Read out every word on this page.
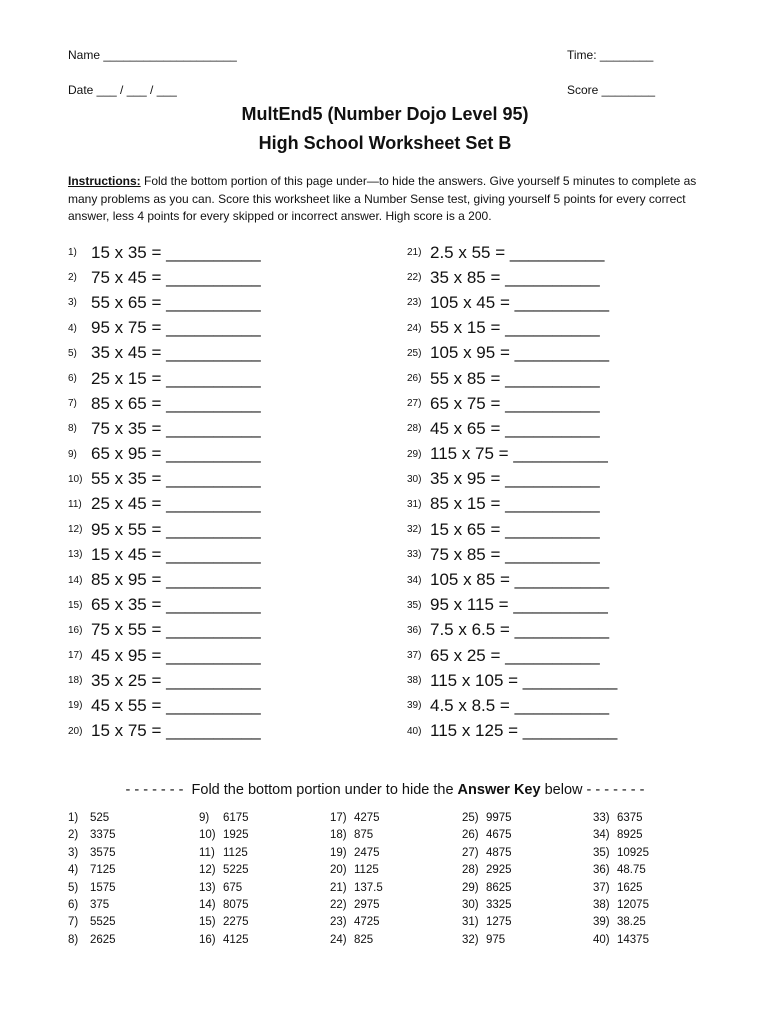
Name ____________________	Time: ________
Date ___ / ___ / ___	Score ________
MultEnd5 (Number Dojo Level 95)
High School Worksheet Set B
Instructions: Fold the bottom portion of this page under—to hide the answers. Give yourself 5 minutes to complete as many problems as you can. Score this worksheet like a Number Sense test, giving yourself 5 points for every correct answer, less 4 points for every skipped or incorrect answer. High score is a 200.
1) 15 x 35 = __________
2) 75 x 45 = __________
3) 55 x 65 = __________
4) 95 x 75 = __________
5) 35 x 45 = __________
6) 25 x 15 = __________
7) 85 x 65 = __________
8) 75 x 35 = __________
9) 65 x 95 = __________
10) 55 x 35 = __________
11) 25 x 45 = __________
12) 95 x 55 = __________
13) 15 x 45 = __________
14) 85 x 95 = __________
15) 65 x 35 = __________
16) 75 x 55 = __________
17) 45 x 95 = __________
18) 35 x 25 = __________
19) 45 x 55 = __________
20) 15 x 75 = __________
21) 2.5 x 55 = __________
22) 35 x 85 = __________
23) 105 x 45 = __________
24) 55 x 15 = __________
25) 105 x 95 = __________
26) 55 x 85 = __________
27) 65 x 75 = __________
28) 45 x 65 = __________
29) 115 x 75 = __________
30) 35 x 95 = __________
31) 85 x 15 = __________
32) 15 x 65 = __________
33) 75 x 85 = __________
34) 105 x 85 = __________
35) 95 x 115 = __________
36) 7.5 x 6.5 = __________
37) 65 x 25 = __________
38) 115 x 105 = __________
39) 4.5 x 8.5 = __________
40) 115 x 125 = __________
- - - - - - -  Fold the bottom portion under to hide the Answer Key below - - - - - - -
1) 525
2) 3375
3) 3575
4) 7125
5) 1575
6) 375
7) 5525
8) 2625
9) 6175
10) 1925
11) 1125
12) 5225
13) 675
14) 8075
15) 2275
16) 4125
17) 4275
18) 875
19) 2475
20) 1125
21) 137.5
22) 2975
23) 4725
24) 825
25) 9975
26) 4675
27) 4875
28) 2925
29) 8625
30) 3325
31) 1275
32) 975
33) 6375
34) 8925
35) 10925
36) 48.75
37) 1625
38) 12075
39) 38.25
40) 14375
